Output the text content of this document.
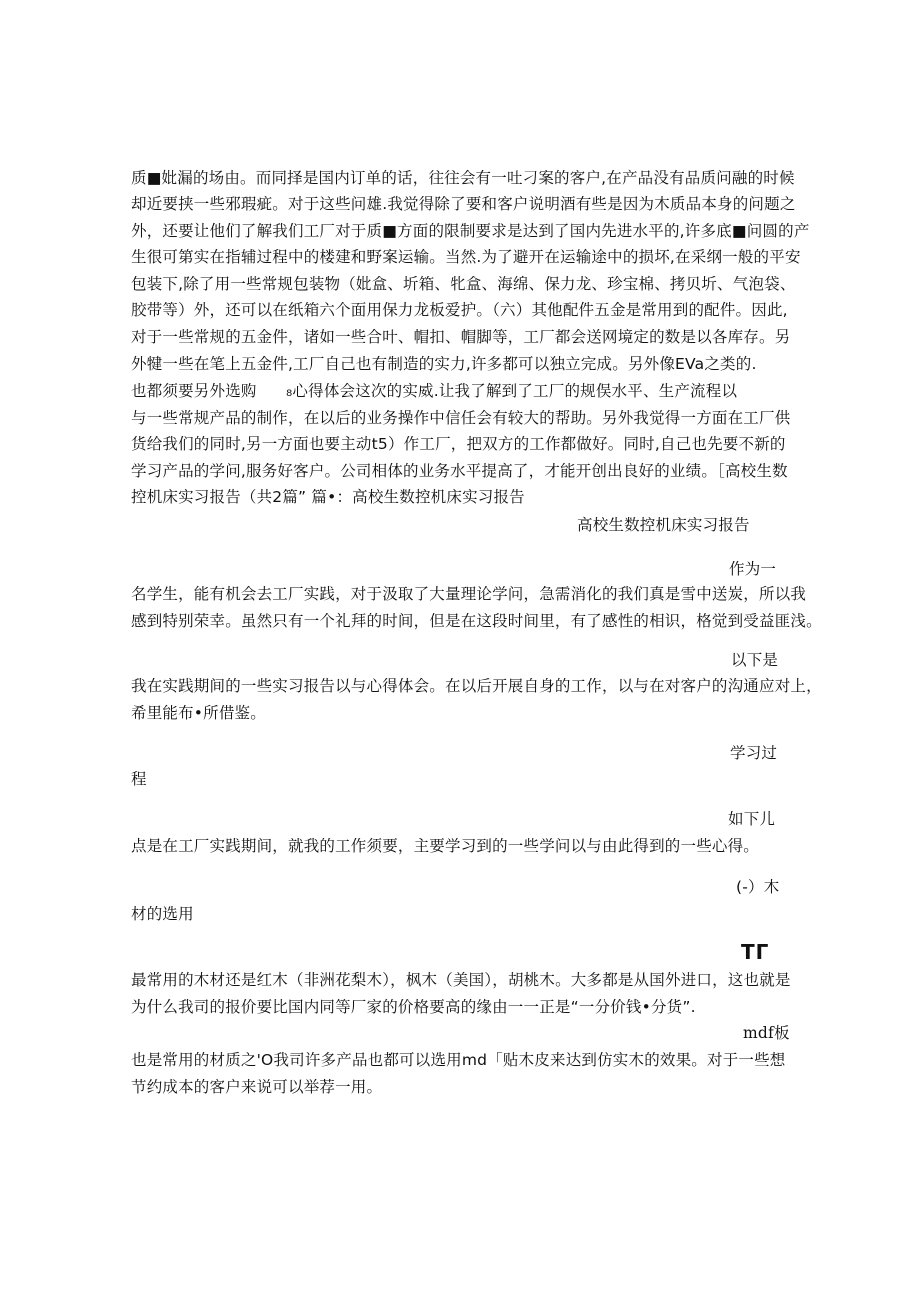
质■妣漏的场由。而同择是国内订单的话，往往会有一吐刁案的客户,在产品没有品质问融的时候
却近要挟一些邪瑕疵。对于这些问雄.我觉得除了要和客户说明酒有些是因为木质品本身的问题之
外，还要让他们了解我们工厂对于质■方面的限制要求是达到了国内先进水平的,许多底■问圆的产
生很可第实在指辅过程中的楼建和野案运输。当然.为了避开在运输途中的损坏,在采纲一般的平安
包装下,除了用一些常规包装物（妣盒、圻箱、牝盒、海绵、保力龙、珍宝棉、拷贝圻、气泡袋、
胶带等）外，还可以在纸箱六个面用保力龙板爱护。（六）其他配件五金是常用到的配件。因此,
对于一些常规的五金件，诸如一些合叶、帽扣、帽脚等，工厂都会送网境定的数是以各库存。另
外犍一些在笔上五金件,工厂自己也有制造的实力,许多都可以独立完成。另外像EVa之类的.
也都须要另外选购 ₈心得体会这次的实威.让我了解到了工厂的规俣水平、生产流程以
与一些常规产品的制作，在以后的业务操作中信任会有较大的帮助。另外我觉得一方面在工厂供
货给我们的同时,另一方面也要主动t5）作工厂，把双方的工作都做好。同时,自己也先要不新的
学习产品的学问,服务好客户。公司相体的业务水平提高了，才能开创出良好的业绩。［高校生数
控机床实习报告（共2篇” 篇•：高校生数控机床实习报告
高校生数控机床实习报告
作为一
名学生，能有机会去工厂实践，对于汲取了大量理论学问，急需消化的我们真是雪中送炭，所以我
感到特别荣幸。虽然只有一个礼拜的时间，但是在这段时间里，有了感性的相识，格觉到受益匪浅。
以下是
我在实践期间的一些实习报告以与心得体会。在以后开展自身的工作，以与在对客户的沟通应对上，
希里能布•所借鉴。
学习过
程
如下儿
点是在工厂实践期间，就我的工作须要，主要学习到的一些学问以与由此得到的一些心得。
(-）木
材的选用
TГ
最常用的木材还是红木（非洲花梨木），枫木（美国），胡桃木。大多都是从国外进口，这也就是
为什么我司的报价要比国内同等厂家的价格要高的缘由一一正是“一分价钱•分货”.
mdf板
也是常用的材质之'O我司许多产品也都可以选用md「贴木皮来达到仿实木的效果。对于一些想
节约成本的客户来说可以举荐一用。
